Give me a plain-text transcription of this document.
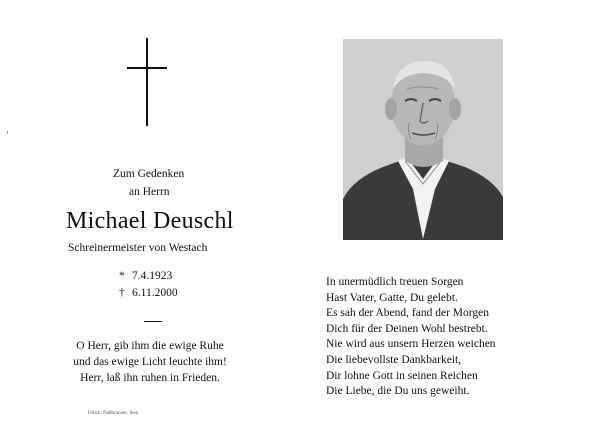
Zum Gedenken
an Herrn
Michael Deuschl
Schreinermeister von Westach
* 7.4.1923
† 6.11.2000
O Herr, gib ihm die ewige Ruhe
und das ewige Licht leuchte ihm!
Herr, laß ihn ruhen in Frieden.
Druck: Naßbrunner, Inen
In unermüdlich treuen Sorgen
Hast Vater, Gatte, Du gelebt.
Es sah der Abend, fand der Morgen
Dich für der Deinen Wohl bestrebt.
Nie wird aus unsern Herzen weichen
Die liebevollste Dankbarkeit,
Dir lohne Gott in seinen Reichen
Die Liebe, die Du uns geweiht.
